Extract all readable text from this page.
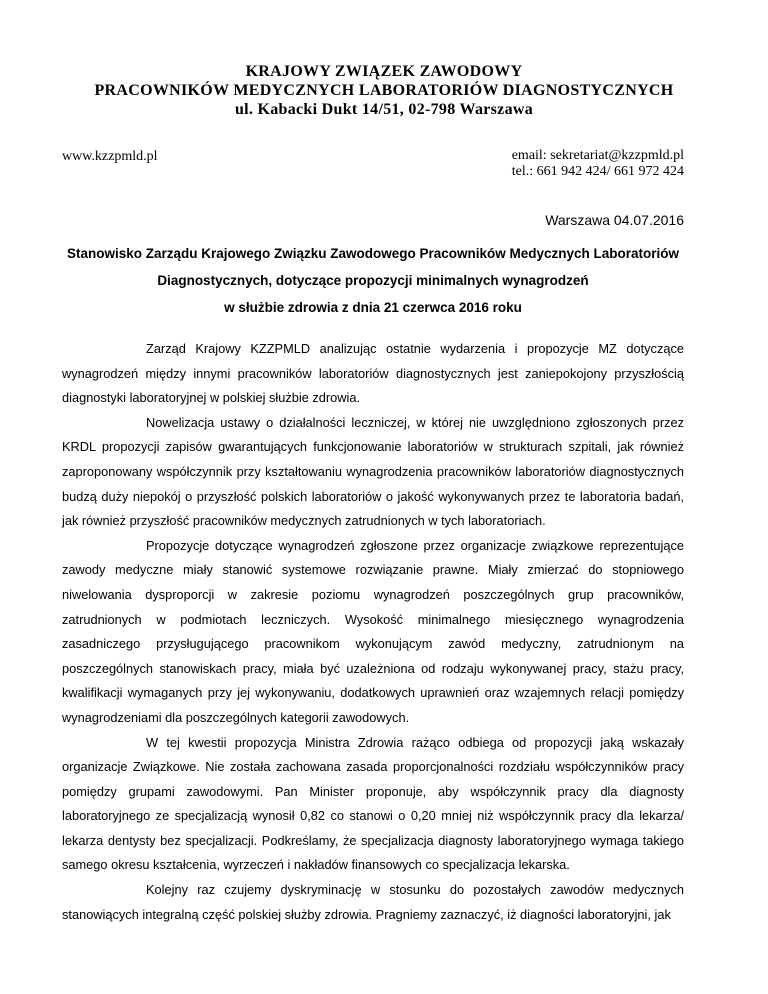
KRAJOWY ZWIĄZEK ZAWODOWY
PRACOWNIKÓW MEDYCZNYCH LABORATORIÓW DIAGNOSTYCZNYCH
ul. Kabacki Dukt 14/51, 02-798 Warszawa
www.kzzpmld.pl	email: sekretariat@kzzpmld.pl
tel.: 661 942 424/ 661 972 424
Warszawa 04.07.2016
Stanowisko Zarządu Krajowego Związku Zawodowego Pracowników Medycznych Laboratoriów
Diagnostycznych, dotyczące propozycji minimalnych wynagrodzeń
w służbie zdrowia z dnia 21 czerwca 2016 roku

Zarząd Krajowy KZZPMLD analizując ostatnie wydarzenia i propozycje MZ dotyczące wynagrodzeń między innymi pracowników laboratoriów diagnostycznych jest zaniepokojony przyszłością diagnostyki laboratoryjnej w polskiej służbie zdrowia.

Nowelizacja ustawy o działalności leczniczej, w której nie uwzględniono zgłoszonych przez KRDL propozycji zapisów gwarantujących funkcjonowanie laboratoriów w strukturach szpitali, jak również zaproponowany współczynnik przy kształtowaniu wynagrodzenia pracowników laboratoriów diagnostycznych budzą duży niepokój o przyszłość polskich laboratoriów o jakość wykonywanych przez te laboratoria badań, jak również przyszłość pracowników medycznych zatrudnionych w tych laboratoriach.

Propozycje dotyczące wynagrodzeń zgłoszone przez organizacje związkowe reprezentujące zawody medyczne miały stanowić systemowe rozwiązanie prawne. Miały zmierzać do stopniowego niwelowania dysproporcji w zakresie poziomu wynagrodzeń poszczególnych grup pracowników, zatrudnionych w podmiotach leczniczych. Wysokość minimalnego miesięcznego wynagrodzenia zasadniczego przysługującego pracownikom wykonującym zawód medyczny, zatrudnionym na poszczególnych stanowiskach pracy, miała być uzależniona od rodzaju wykonywanej pracy, stażu pracy, kwalifikacji wymaganych przy jej wykonywaniu, dodatkowych uprawnień oraz wzajemnych relacji pomiędzy wynagrodzeniami dla poszczególnych kategorii zawodowych.

W tej kwestii propozycja Ministra Zdrowia rażąco odbiega od propozycji jaką wskazały organizacje Związkowe. Nie została zachowana zasada proporcjonalności rozdziału współczynników pracy pomiędzy grupami zawodowymi. Pan Minister proponuje, aby współczynnik pracy dla diagnosty laboratoryjnego ze specjalizacją wynosił 0,82 co stanowi o 0,20 mniej niż współczynnik pracy dla lekarza/ lekarza dentysty bez specjalizacji. Podkreślamy, że specjalizacja diagnosty laboratoryjnego wymaga takiego samego okresu kształcenia, wyrzeczeń i nakładów finansowych co specjalizacja lekarska.

Kolejny raz czujemy dyskryminację w stosunku do pozostałych zawodów medycznych stanowiących integralną część polskiej służby zdrowia. Pragniemy zaznaczyć, iż diagności laboratoryjni, jak
